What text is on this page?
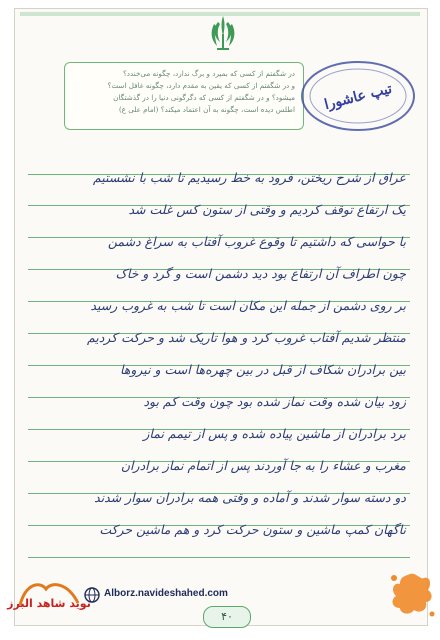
در شگفتم از کسی که بمیرد و برگ ندارد، چگونه می‌خندد؟
و در شگفتم از کسی که یقین به مقدم دارد، چگونه غافل است؟
میشود؟ و در شگفتم از کسی که دگرگونی دنیا را در گذشتگان
اطلس دیده است، چگونه به آن اعتماد میکند؟ (امام علی ع) تیپ عاشورا
عراق از شرح ریختن، فرود به خط رسیدیم تا شب با نشستیم
یک ارتفاع توقف کردیم و وقتی از ستون کس غلت شد
با حواسی که داشتیم تا وقوع غروب آفتاب به سراغ دشمن
چون اطراف آن ارتفاع بود دید دشمن است و گرد و خاک
بر روی دشمن از جمله این مکان است تا شب به غروب رسید
منتظر شدیم آفتاب غروب کرد و هوا تاریک شد و حرکت کردیم
بین برادران شکاف از قبل در بین چهره‌ها است و نیروها
زود بیان شده وقت نماز شده بود چون وقت کم بود
برد برادران از ماشین پیاده شده و پس از تیمم نماز
مغرب و عشاء را به جا آوردند پس از اتمام نماز برادران
دو دسته سوار شدند و آماده و وقتی همه برادران سوار شدند
ناگهان کمپ ماشین و ستون حرکت کرد و هم ماشین حرکت
نوید شاهد البرز
Alborz.navideshahed.com
۴۰
